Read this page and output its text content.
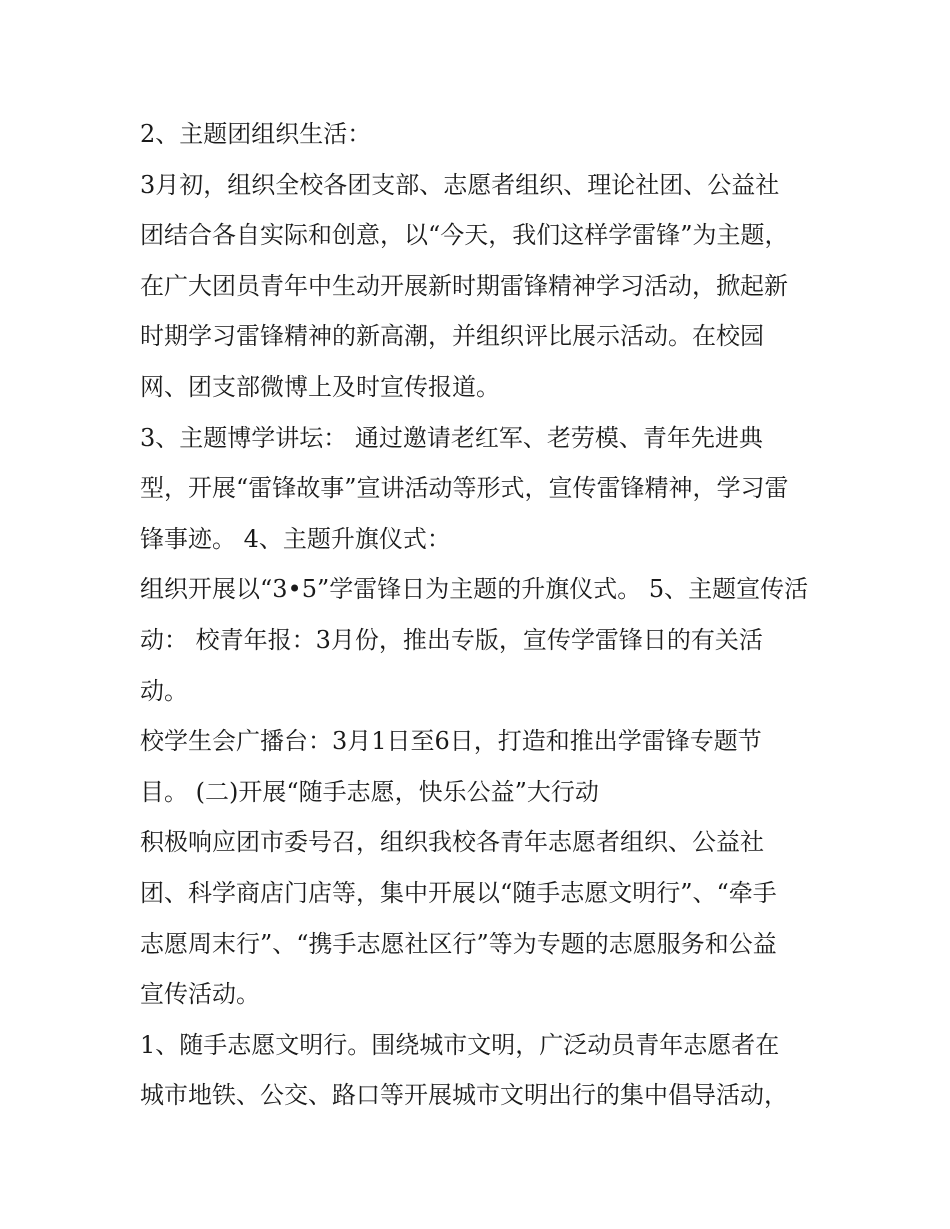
2、主题团组织生活：
3月初，组织全校各团支部、志愿者组织、理论社团、公益社
团结合各自实际和创意，以“今天，我们这样学雷锋”为主题，
在广大团员青年中生动开展新时期雷锋精神学习活动，掀起新
时期学习雷锋精神的新高潮，并组织评比展示活动。在校园
网、团支部微博上及时宣传报道。
3、主题博学讲坛： 通过邀请老红军、老劳模、青年先进典
型，开展“雷锋故事”宣讲活动等形式，宣传雷锋精神，学习雷
锋事迹。 4、主题升旗仪式：
组织开展以“3•5”学雷锋日为主题的升旗仪式。 5、主题宣传活
动： 校青年报：3月份，推出专版，宣传学雷锋日的有关活
动。
校学生会广播台：3月1日至6日，打造和推出学雷锋专题节
目。 (二)开展“随手志愿，快乐公益”大行动
积极响应团市委号召，组织我校各青年志愿者组织、公益社
团、科学商店门店等，集中开展以“随手志愿文明行”、“牵手
志愿周末行”、“携手志愿社区行”等为专题的志愿服务和公益
宣传活动。
1、随手志愿文明行。围绕城市文明，广泛动员青年志愿者在
城市地铁、公交、路口等开展城市文明出行的集中倡导活动，
